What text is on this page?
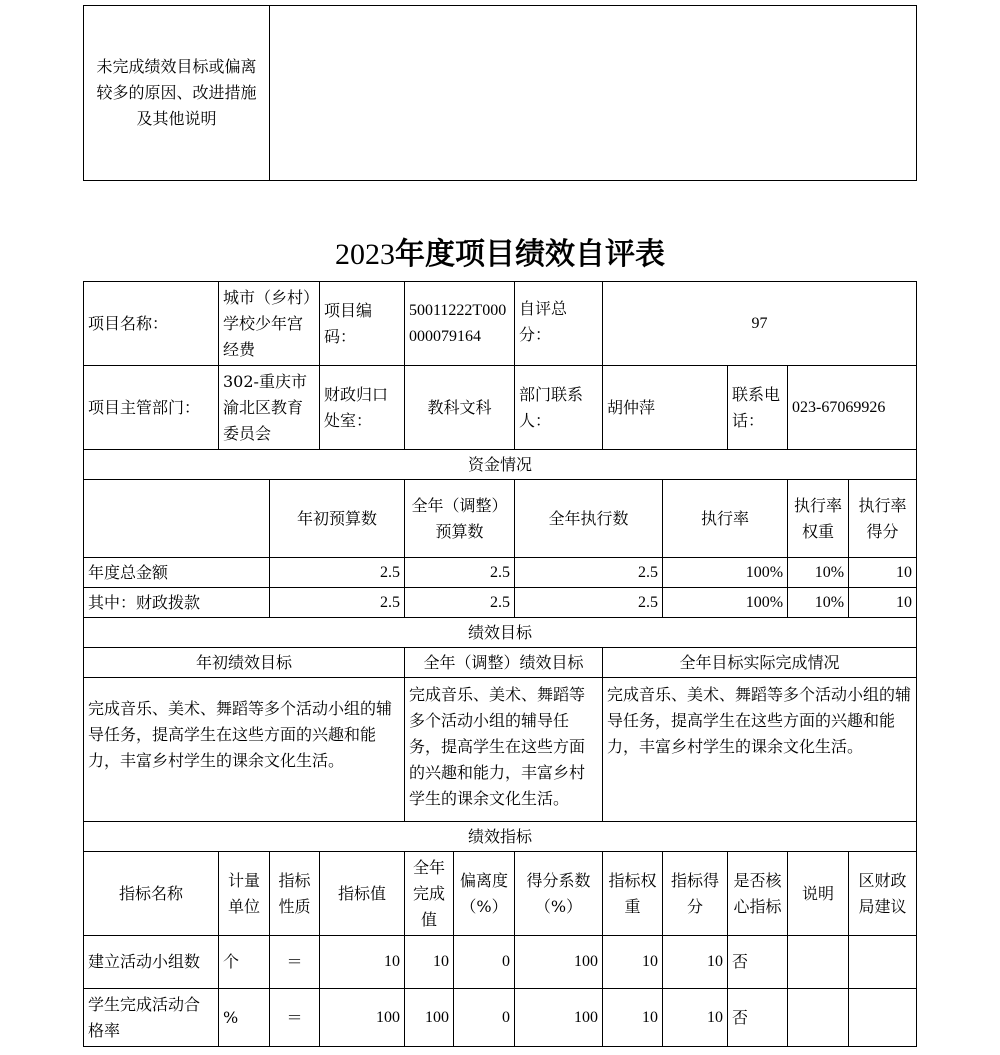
未完成绩效目标或偏离较多的原因、改进措施及其他说明	
2023年度项目绩效自评表
项目名称：	城市（乡村）学校少年宫经费		项目编码：	50011222T000000079164		自评总分：	97				
项目主管部门：	302-重庆市渝北区教育委员会		财政归口处室：	教科文科		部门联系人：	胡仲萍		联系电话：	023-67069926	
资金情况											
		年初预算数		全年（调整）预算数		全年执行数		执行率		执行率权重	执行率得分
年度总金额		2.5		2.5		2.5		100%		10%	10
其中：财政拨款		2.5		2.5		2.5		100%		10%	10
绩效目标											
年初绩效目标				全年（调整）绩效目标			全年目标实际完成情况				
完成音乐、美术、舞蹈等多个活动小组的辅导任务，提高学生在这些方面的兴趣和能力，丰富乡村学生的课余文化生活。				完成音乐、美术、舞蹈等多个活动小组的辅导任务，提高学生在这些方面的兴趣和能力，丰富乡村学生的课余文化生活。			完成音乐、美术、舞蹈等多个活动小组的辅导任务，提高学生在这些方面的兴趣和能力，丰富乡村学生的课余文化生活。				
绩效指标											
指标名称	计量单位	指标性质	指标值	全年完成值	偏离度（%）	得分系数（%）	指标权重	指标得分	是否核心指标	说明	区财政局建议
建立活动小组数	个	＝	10	10	0	100	10	10	否		
学生完成活动合格率	%	＝	100	100	0	100	10	10	否		
